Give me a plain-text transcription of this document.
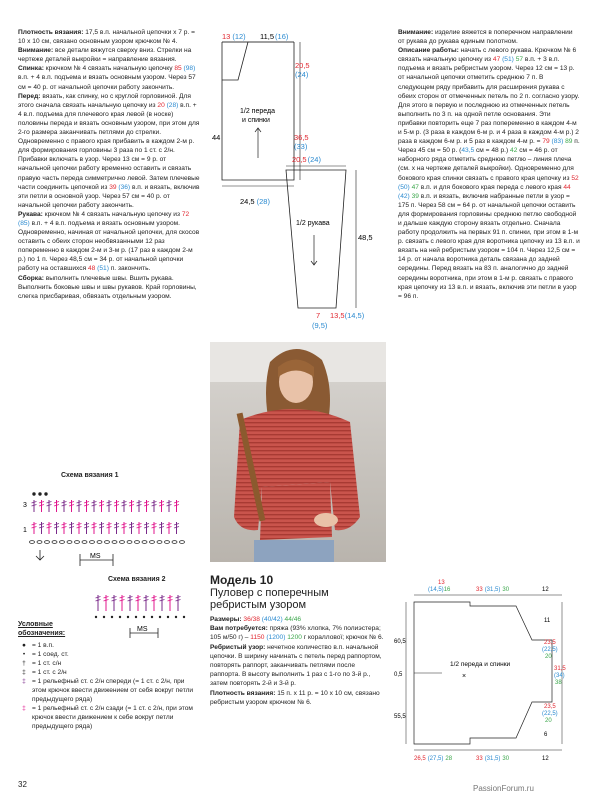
Плотность вязания: 17,5 в.п. начальной цепочки x 7 р. = 10 x 10 см, связано основным узором крючком № 4.

Внимание: все детали вяжутся сверху вниз. Стрелки на чертеже деталей выкройки = направление вязания.

Спинка: крючком № 4 связать начальную цепочку 85 (98) в.п. + 4 в.п. подъема и вязать основным узором. Через 57 см = 40 р. от начальной цепочки работу закончить.

Перед: вязать, как спинку, но с круглой горловиной. Для этого сначала связать начальную цепочку из 20 (28) в.п. + 4 в.п. подъема для плечевого края левой (в носке) половины переда и вязать основным узором, при этом для 2-го размера заканчивать петлями до стрелки. Одновременно с правого края прибавить в каждом 2-м р. для формирования горловины 3 раза по 1 ст. с 2/н. Прибавки включать в узор. Через 13 см = 9 р. от начальной цепочки работу временно оставить и связать правую часть переда симметрично левой. Затем плечевые части соединить цепочкой из 39 (36) в.п. и вязать, включив эти петли в основной узор. Через 57 см = 40 р. от начальной цепочки работу закончить.

Рукава: крючком № 4 связать начальную цепочку из 72 (85) в.п. + 4 в.п. подъема и вязать основным узором. Одновременно, начиная от начальной цепочки, для скосов оставить с обеих сторон необвязанными 12 раз попеременно в каждом 2-м и 3-м р. (17 раз в каждом 2-м р.) по 1 п. Через 48,5 см = 34 р. от начальной цепочки работу на оставшихся 48 (51) п. закончить.

Сборка: выполнить плечевые швы. Вшить рукава. Выполнить боковые швы и швы рукавов. Край горловины, слегка присбаривая, обвязать отдельным узором.

Схема вязания 1
3
1
MS
Схема вязания 2
MS
Условные обозначения:
● = 1 в.п.
•	= 1 соед. ст.
† = 1 ст. с/н
‡ = 1 ст. с 2/н
‡ = 1 рельефный ст. с 2/н спереди (= 1 ст. с 2/н, при этом крючок ввести движением от себя вокруг петли предыдущего ряда)
‡ = 1 рельефный ст. с 2/н сзади (= 1 ст. с 2/н, при этом крючок ввести движением к себе вокруг петли предыдущего ряда)
13 (12) 11,5(16)
20,5
(24)
44
1/2 переда
и спинки
36,5
(33)
24,5 (28)
20,5(24)
1/2 рукава
48,5
7 13,5(14,5)
(9,5)
Модель 10
Пуловер с поперечным ребристым узором

Размеры: 36/38 (40/42) 44/46

Вам потребуется: пряжа (93% хлопка, 7% полиэстера; 105 м/50 г) – 1150 (1200) 1200 г кораллової; крючок № 6.

Ребристый узор: нечетное количество в.п. начальной цепочки. В ширину начинать с петель перед раппортом, повторять раппорт, заканчивать петлями после раппорта. В высоту выполнить 1 раз с 1-го по 3-й р., затем повторять 2-й и 3-й р.

Плотность вязания: 15 п. x 11 р. = 10 x 10 см, связано ребристым узором крючком № 6.

Внимание: изделие вяжется в поперечном направлении от рукава до рукава единым полотном.

Описание работы: начать с левого рукава. Крючком № 6 связать начальную цепочку из 47 (51) 57 в.п. + 3 в.п. подъема и вязать ребристым узором. Через 12 см = 13 р. от начальной цепочки отметить среднюю 7 п. В следующем ряду прибавить для расширения рукава с обеих сторон от отмеченных петель по 2 п. согласно узору. Для этого в первую и последнюю из отмеченных петель выполнить по 3 п. на одной петле основания. Эти прибавки повторить еще 7 раз попеременно в каждом 4-м и 5-м р. (3 раза в каждом 6-м р. и 4 раза в каждом 4-м р.) 2 раза в каждом 6-м р. и 5 раз в каждом 4-м р. = 79 (83) 89 п. Через 45 см = 50 р. (43,5 см = 48 р.) 42 см = 46 р. от наборного ряда отметить среднюю петлю – линия плеча (см. х на чертеже деталей выкройки). Одновременно для бокового края спинки связать с правого края цепочку из 52 (50) 47 в.п. и для бокового края переда с левого края 44 (42) 39 в.п. и вязать, включив набранные петли в узор = 175 п. Через 58 см = 64 р. от начальной цепочки оставить для формирования горловины среднюю петлю свободной и дальше каждую сторону вязать отдельно. Сначала работу продолжить на первых 91 п. спинки, при этом в 1-м р. связать с левого края для воротника цепочку из 13 в.п. и вязать на ней ребристым узором = 104 п. Через 12,5 см = 14 р. от начала воротника деталь связана до задней середины. Перед вязать на 83 п. аналогично до задней середины воротника, при этом в 1-м р. связать с правого края цепочку из 13 в.п. и вязать, включив эти петли в узор = 96 п.

13
(14,5)16	33 (31,5) 30	12
60,5
0,5
55,5
1/2 переда и спинки
×
11
23,5
(22,5)
20
31,5
(34)
38
23,5
(22,5)
20
6
26,5 (27,5) 28	33 (31,5) 30	12
32	PassionForum.ru
